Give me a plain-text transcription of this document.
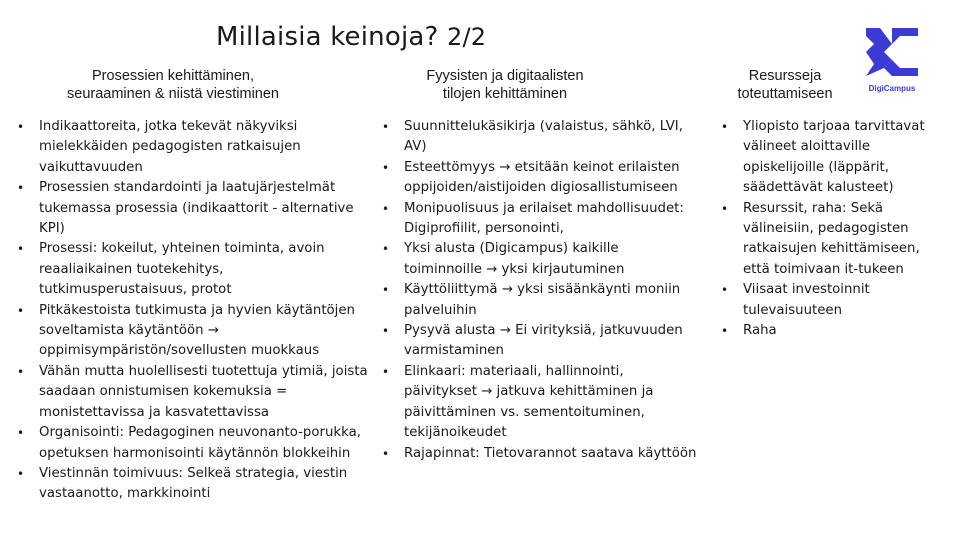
Millaisia keinoja? 2/2
DigiCampus
Prosessien kehittäminen,
seuraaminen & niistä viestiminen
Fyysisten ja digitaalisten
tilojen kehittäminen
Resursseja
toteuttamiseen
• Indikaattoreita, jotka tekevät näkyviksi mielekkäiden pedagogisten ratkaisujen vaikuttavuuden
• Prosessien standardointi ja laatujärjestelmät tukemassa prosessia (indikaattorit - alternative KPI)
• Prosessi: kokeilut, yhteinen toiminta, avoin reaaliaikainen tuotekehitys, tutkimusperustaisuus, protot
• Pitkäkestoista tutkimusta ja hyvien käytäntöjen soveltamista käytäntöön → oppimisympäristön/sovellusten muokkaus
• Vähän mutta huolellisesti tuotettuja ytimiä, joista saadaan onnistumisen kokemuksia = monistettavissa ja kasvatettavissa
• Organisointi: Pedagoginen neuvonanto-porukka, opetuksen harmonisointi käytännön blokkeihin
• Viestinnän toimivuus: Selkeä strategia, viestin vastaanotto, markkinointi
• Suunnittelukäsikirja (valaistus, sähkö, LVI, AV)
• Esteettömyys → etsitään keinot erilaisten oppijoiden/aistijoiden digiosallistumiseen
• Monipuolisuus ja erilaiset mahdollisuudet: Digiprofiilit, personointi,
• Yksi alusta (Digicampus) kaikille toiminnoille → yksi kirjautuminen
• Käyttöliittymä → yksi sisäänkäynti moniin palveluihin
• Pysyvä alusta → Ei virityksiä, jatkuvuuden varmistaminen
• Elinkaari: materiaali, hallinnointi, päivitykset → jatkuva kehittäminen ja päivittäminen vs. sementoituminen, tekijänoikeudet
• Rajapinnat: Tietovarannot saatava käyttöön
• Yliopisto tarjoaa tarvittavat välineet aloittaville opiskelijoille (läppärit, säädettävät kalusteet)
• Resurssit, raha: Sekä välineisiin, pedagogisten ratkaisujen kehittämiseen, että toimivaan it-tukeen
• Viisaat investoinnit tulevaisuuteen
• Raha
